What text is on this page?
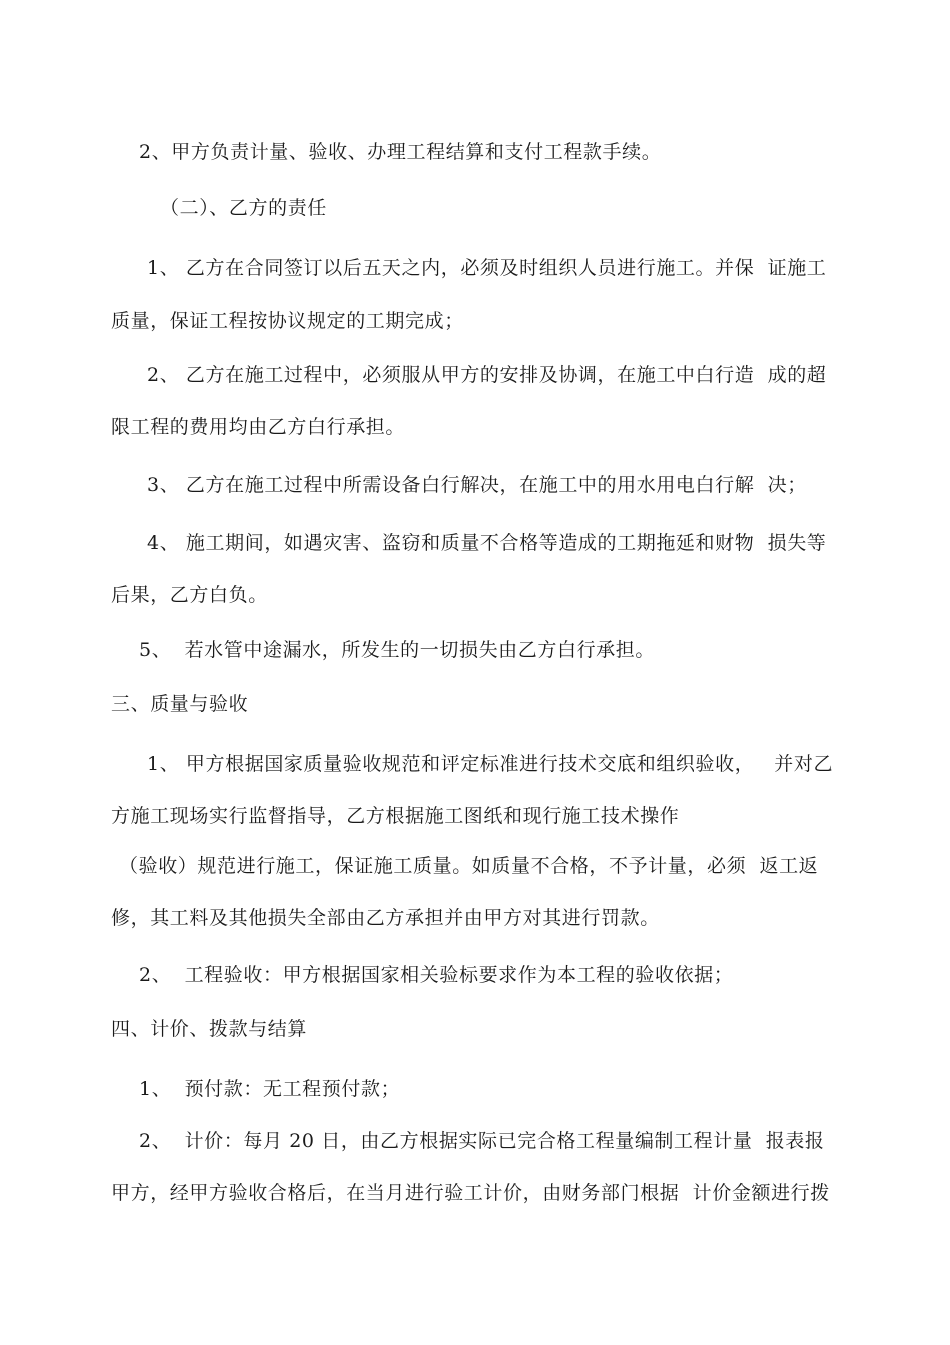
2、甲方负责计量、验收、办理工程结算和支付工程款手续。

（二）、乙方的责任

1、 乙方在合同签订以后五天之内，必须及时组织人员进行施工。并保  证施工

质量，保证工程按协议规定的工期完成；

2、 乙方在施工过程中，必须服从甲方的安排及协调，在施工中白行造  成的超

限工程的费用均由乙方白行承担。

3、 乙方在施工过程中所需设备白行解决，在施工中的用水用电白行解  决；

4、 施工期间，如遇灾害、盗窃和质量不合格等造成的工期拖延和财物  损失等

后果，乙方白负。

5、  若水管中途漏水，所发生的一切损失由乙方白行承担。

三、质量与验收

1、 甲方根据国家质量验收规范和评定标准进行技术交底和组织验收，   并对乙

方施工现场实行监督指导，乙方根据施工图纸和现行施工技术操作

（验收）规范进行施工，保证施工质量。如质量不合格，不予计量，必须  返工返

修，其工料及其他损失全部由乙方承担并由甲方对其进行罚款。

2、  工程验收：甲方根据国家相关验标要求作为本工程的验收依据；

四、计价、拨款与结算

1、  预付款：无工程预付款；

2、  计价：每月 20 日，由乙方根据实际已完合格工程量编制工程计量  报表报

甲方，经甲方验收合格后，在当月进行验工计价，由财务部门根据  计价金额进行拨
